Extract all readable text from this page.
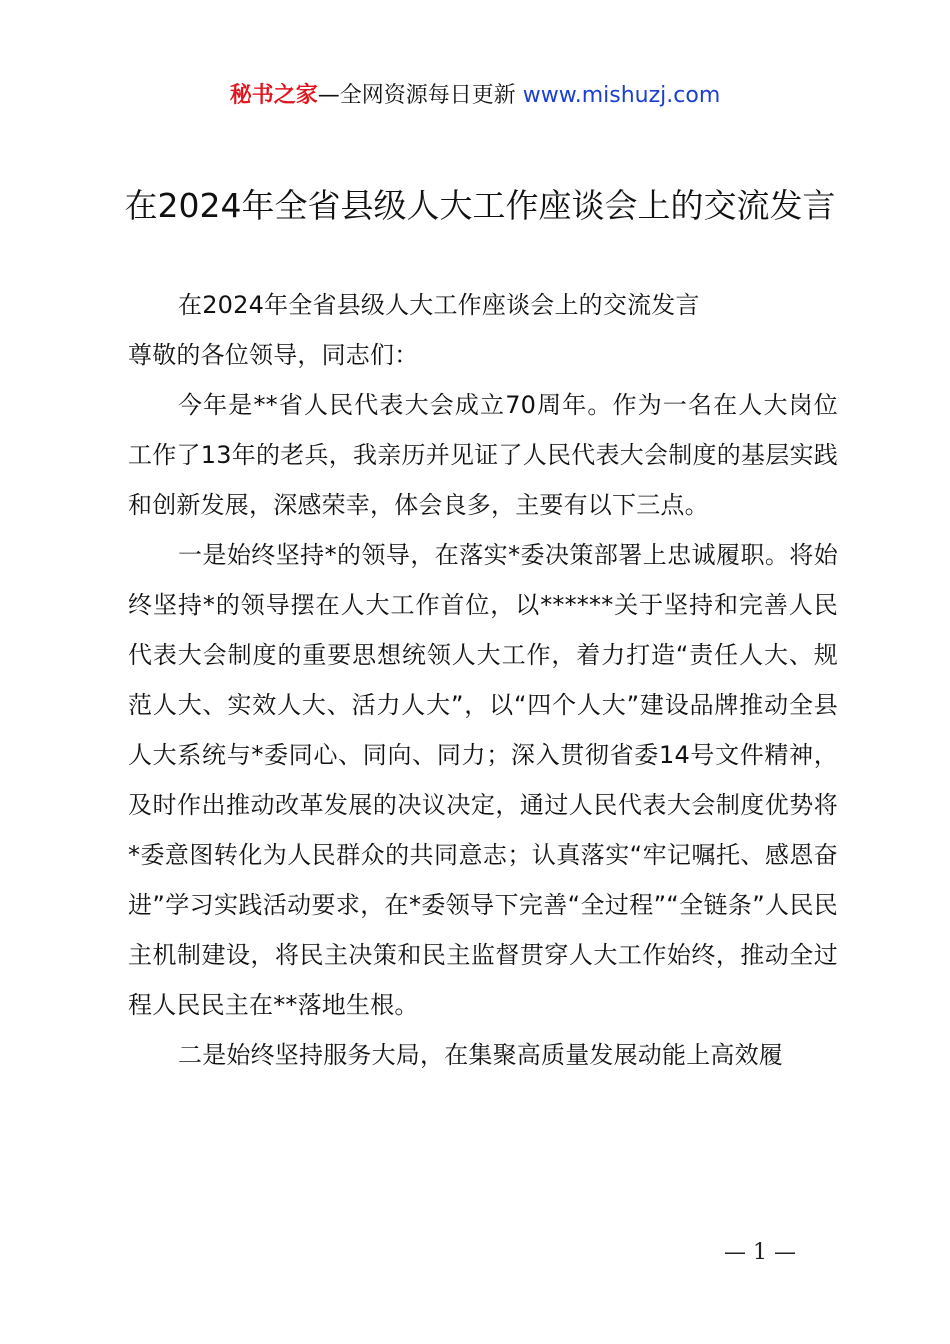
秘书之家—全网资源每日更新 www.mishuzj.com
在2024年全省县级人大工作座谈会上的交流发言

在2024年全省县级人大工作座谈会上的交流发言

尊敬的各位领导，同志们：

今年是**省人民代表大会成立70周年。作为一名在人大岗位工作了13年的老兵，我亲历并见证了人民代表大会制度的基层实践和创新发展，深感荣幸，体会良多，主要有以下三点。

一是始终坚持*的领导，在落实*委决策部署上忠诚履职。将始终坚持*的领导摆在人大工作首位，以******关于坚持和完善人民代表大会制度的重要思想统领人大工作，着力打造“责任人大、规范人大、实效人大、活力人大”，以“四个人大”建设品牌推动全县人大系统与*委同心、同向、同力；深入贯彻省委14号文件精神，及时作出推动改革发展的决议决定，通过人民代表大会制度优势将*委意图转化为人民群众的共同意志；认真落实“牢记嘱托、感恩奋进”学习实践活动要求，在*委领导下完善“全过程”“全链条”人民民主机制建设，将民主决策和民主监督贯穿人大工作始终，推动全过程人民民主在**落地生根。

二是始终坚持服务大局，在集聚高质量发展动能上高效履

— 1 —
